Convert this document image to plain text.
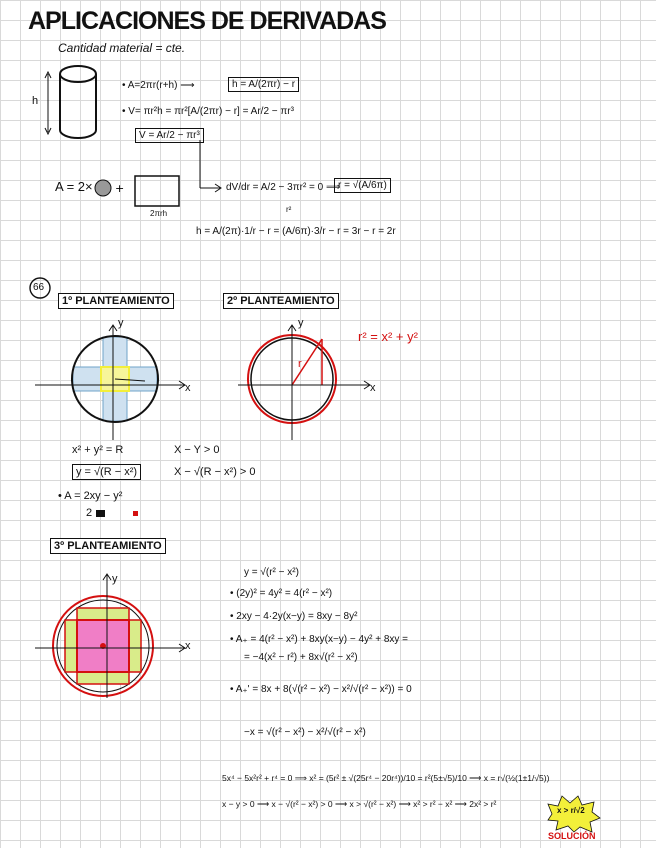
APLICACIONES DE DERIVADAS
Cantidad material = cte.
h
• A=2πr(r+h) ⟶	h = A/(2πr) − r
• V= πr²h = πr²[A/(2πr) − r] = Ar/2 − πr³
V = Ar/2 − πr³
A = 2× +
2πrh
dV/dr = A/2 − 3πr² = 0 ⟹
r = √(A/6π)
r²
h = A/(2π)·1/r − r = (A/6π)·3/r − r = 3r − r = 2r
66
1º PLANTEAMIENTO
y
x
x² + y² = R
y = √(R − x²)
• A = 2xy − y²
2
X − Y > 0
X − √(R − x²) > 0
2º PLANTEAMIENTO
y
x
r
r² = x² + y²
3º PLANTEAMIENTO
y
x
y = √(r² − x²)
• (2y)² = 4y² = 4(r² − x²)
• 2xy − 4·2y(x−y) = 8xy − 8y²
• A₊ = 4(r² − x²) + 8xy(x−y) − 4y² + 8xy =
= −4(x² − r²) + 8x√(r² − x²)
• A₊' = 8x + 8(√(r² − x²) − x²/√(r² − x²)) = 0
−x = √(r² − x²) − x²/√(r² − x²)
5x⁴ − 5x²r² + r⁴ = 0 ⟹ x² = (5r² ± √(25r⁴ − 20r⁴))/10 = r²(5±√5)/10 ⟶ x = r√(½(1±1/√5))
x − y > 0 ⟶ x − √(r² − x²) > 0 ⟶ x > √(r² − x²) ⟶ x² > r² − x² ⟶ 2x² > r²
x > r/√2
SOLUCIÓN
